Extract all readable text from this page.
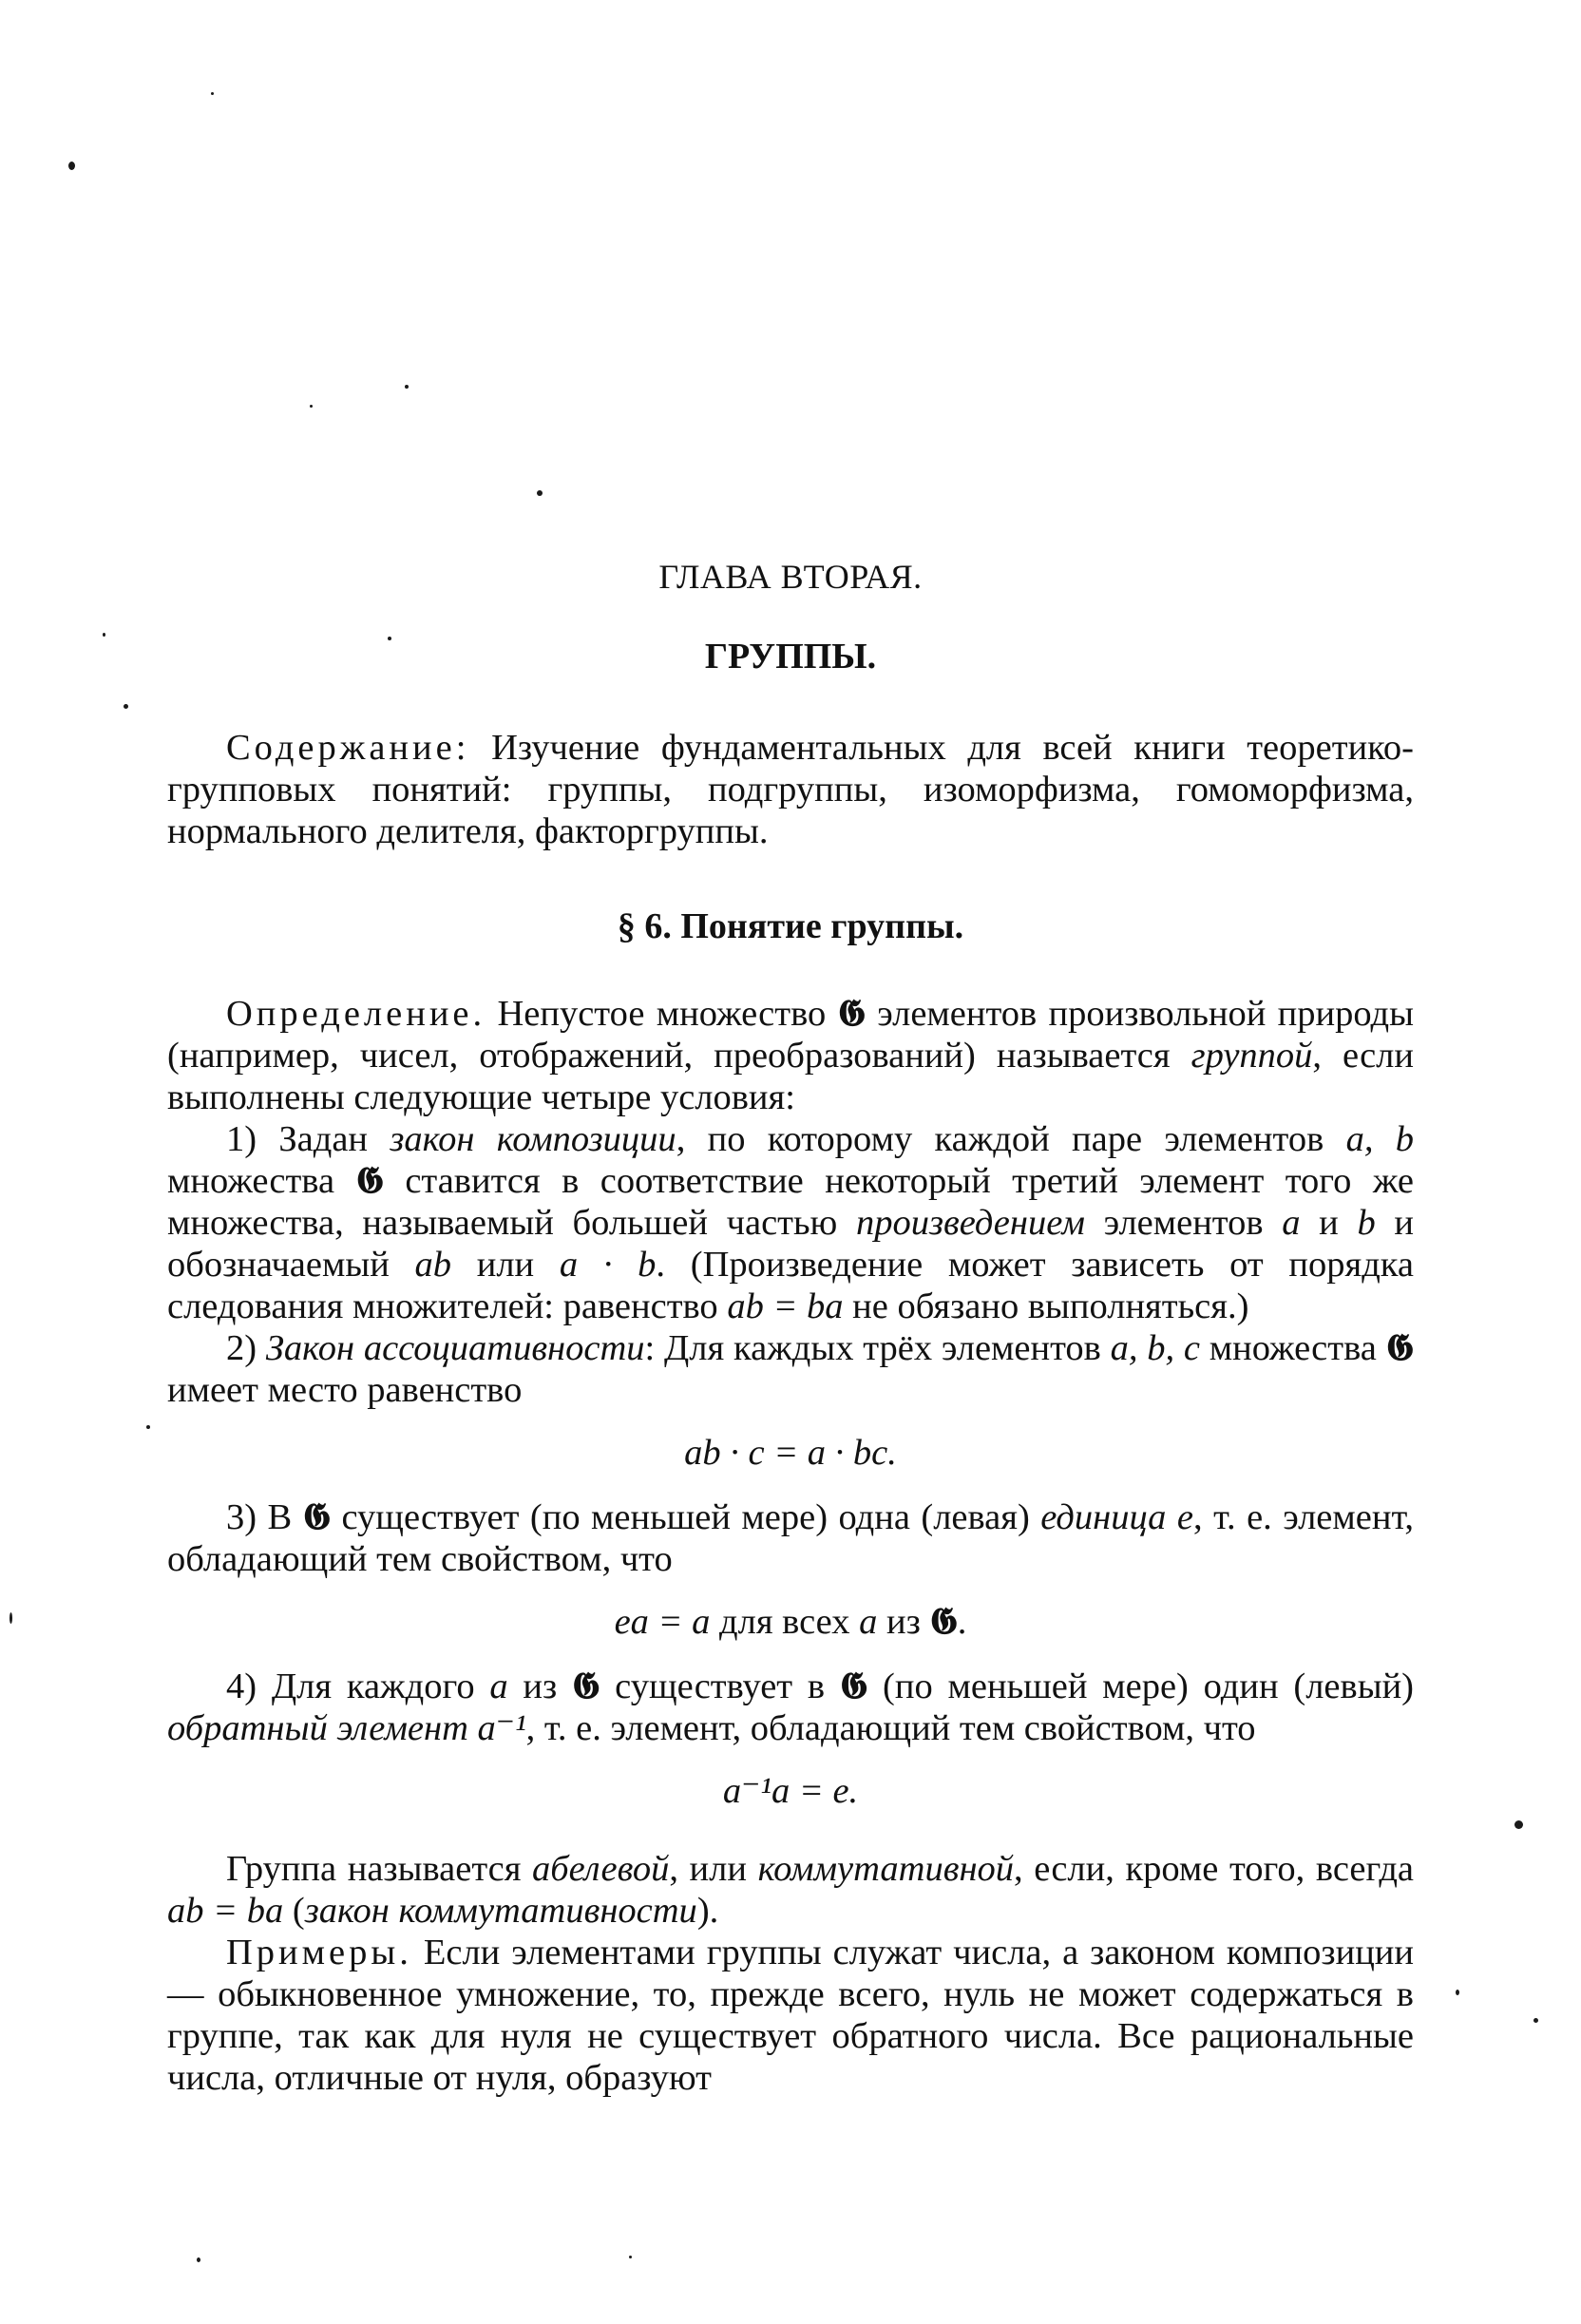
ГЛАВА ВТОРАЯ.
ГРУППЫ.

Содержание: Изучение фундаментальных для всей книги теоретико-групповых понятий: группы, подгруппы, изоморфизма, гомоморфизма, нормального делителя, факторгруппы.

§ 6. Понятие группы.

Определение. Непустое множество 𝕲 элементов произвольной природы (например, чисел, отображений, преобразований) называется группой, если выполнены следующие четыре условия:

1) Задан закон композиции, по которому каждой паре элементов a, b множества 𝕲 ставится в соответствие некоторый третий элемент того же множества, называемый большей частью произведением элементов a и b и обозначаемый ab или a · b. (Произведение может зависеть от порядка следования множителей: равенство ab = ba не обязано выполняться.)

2) Закон ассоциативности: Для каждых трёх элементов a, b, c множества 𝕲 имеет место равенство

ab · c = a · bc.

3) В 𝕲 существует (по меньшей мере) одна (левая) единица e, т. е. элемент, обладающий тем свойством, что

ea = a для всех a из 𝕲.

4) Для каждого a из 𝕲 существует в 𝕲 (по меньшей мере) один (левый) обратный элемент a⁻¹, т. е. элемент, обладающий тем свойством, что

a⁻¹a = e.

Группа называется абелевой, или коммутативной, если, кроме того, всегда ab = ba (закон коммутативности).

Примеры. Если элементами группы служат числа, а законом композиции — обыкновенное умножение, то, прежде всего, нуль не может содержаться в группе, так как для нуля не существует обратного числа. Все рациональные числа, отличные от нуля, образуют
